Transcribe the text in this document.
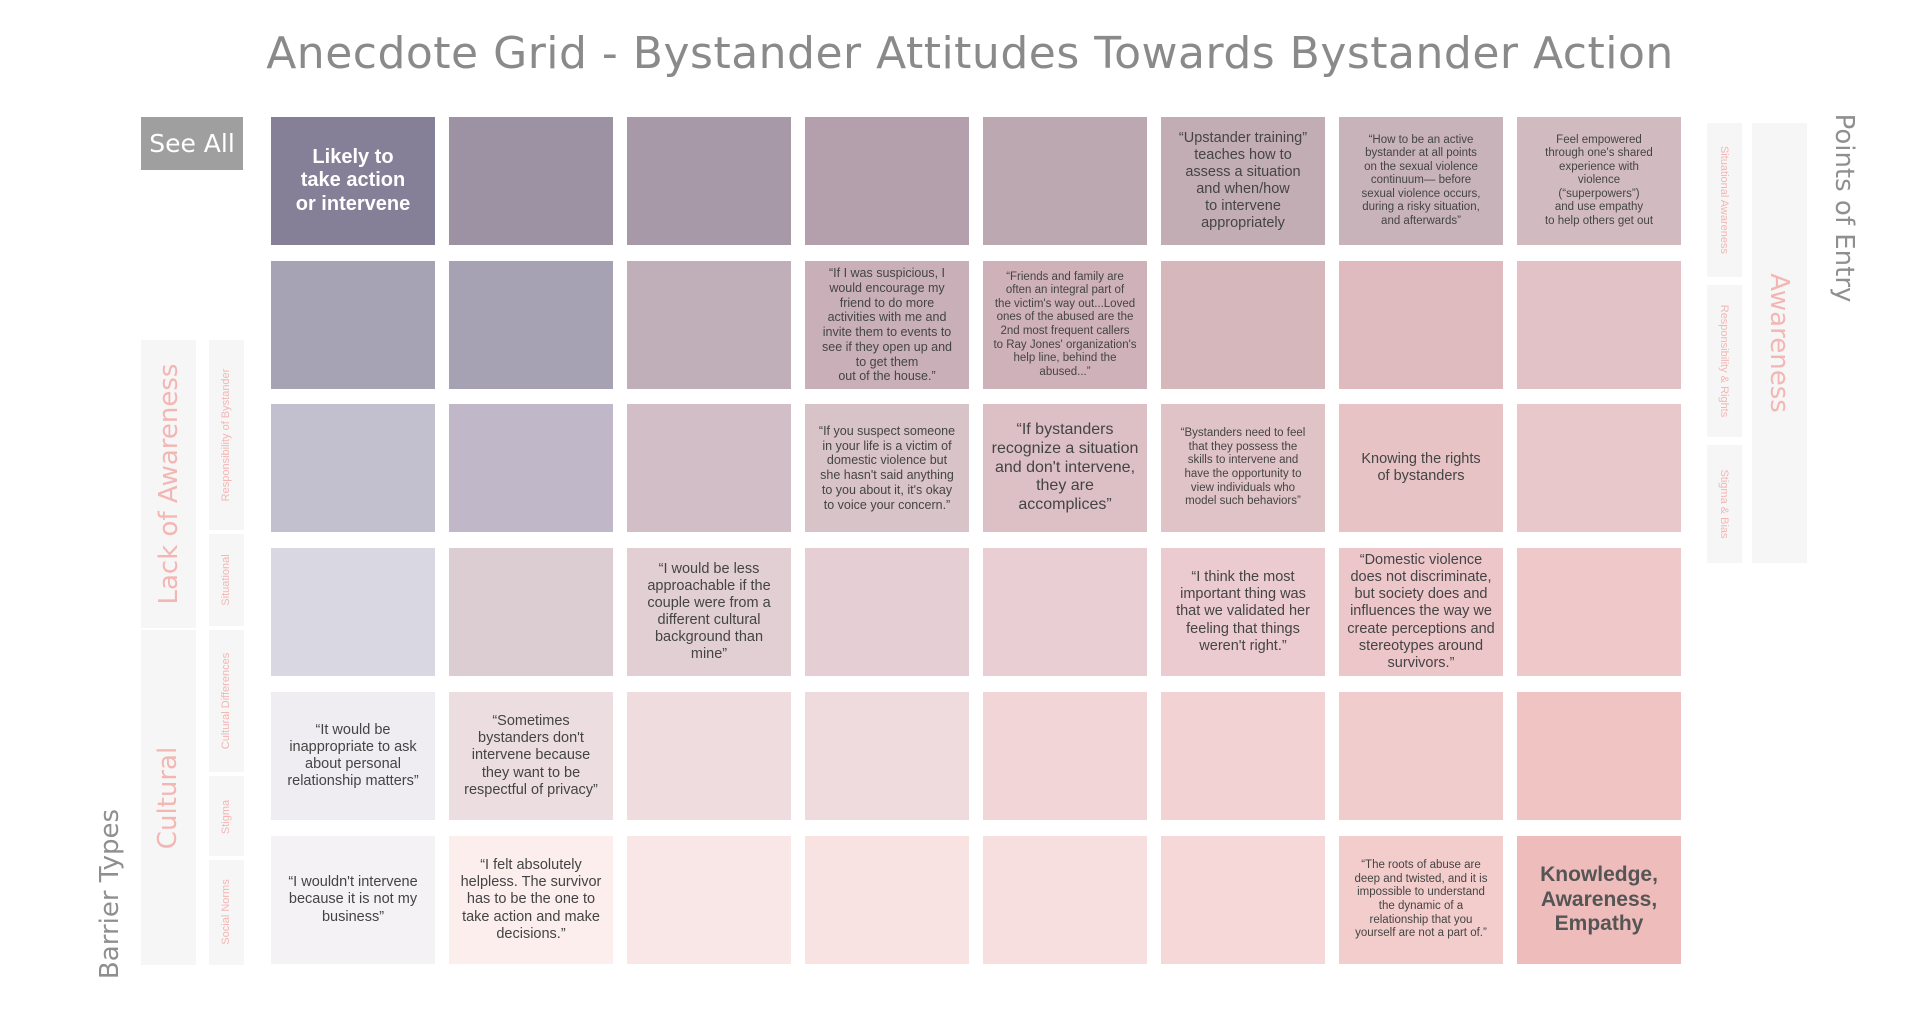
Anecdote Grid - Bystander Attitudes Towards Bystander Action
See All
Barrier Types
Lack of Awareness
Cultural
Responsibility of Bystander
Situational
Cultural Differences
Stigma
Social Norms
Situational Awareness
Responsibility & Rights
Stigma & Bias
Awareness
Points of Entry
Likely to
take action
or intervene
“Upstander training”
teaches how to
assess a situation
and when/how
to intervene
appropriately
“How to be an active
bystander at all points
on the sexual violence
continuum— before
sexual violence occurs,
during a risky situation,
and afterwards”
Feel empowered
through one's shared
experience with
violence
(“superpowers”)
and use empathy
to help others get out
“If I was suspicious, I
would encourage my
friend to do more
activities with me and
invite them to events to
see if they open up and
to get them
out of the house.”
“Friends and family are
often an integral part of
the victim's way out...Loved
ones of the abused are the
2nd most frequent callers
to Ray Jones' organization's
help line, behind the
abused...”
“If you suspect someone
in your life is a victim of
domestic violence but
she hasn't said anything
to you about it, it's okay
to voice your concern.”
“If bystanders
recognize a situation
and don't intervene,
they are
accomplices”
“Bystanders need to feel
that they possess the
skills to intervene and
have the opportunity to
view individuals who
model such behaviors”
Knowing the rights
of bystanders
“I would be less
approachable if the
couple were from a
different cultural
background than
mine”
“I think the most
important thing was
that we validated her
feeling that things
weren't right.”
“Domestic violence
does not discriminate,
but society does and
influences the way we
create perceptions and
stereotypes around
survivors.”
“It would be
inappropriate to ask
about personal
relationship matters”
“Sometimes
bystanders don't
intervene because
they want to be
respectful of privacy”
“I wouldn't intervene
because it is not my
business”
“I felt absolutely
helpless. The survivor
has to be the one to
take action and make
decisions.”
“The roots of abuse are
deep and twisted, and it is
impossible to understand
the dynamic of a
relationship that you
yourself are not a part of.”
Knowledge,
Awareness,
Empathy
